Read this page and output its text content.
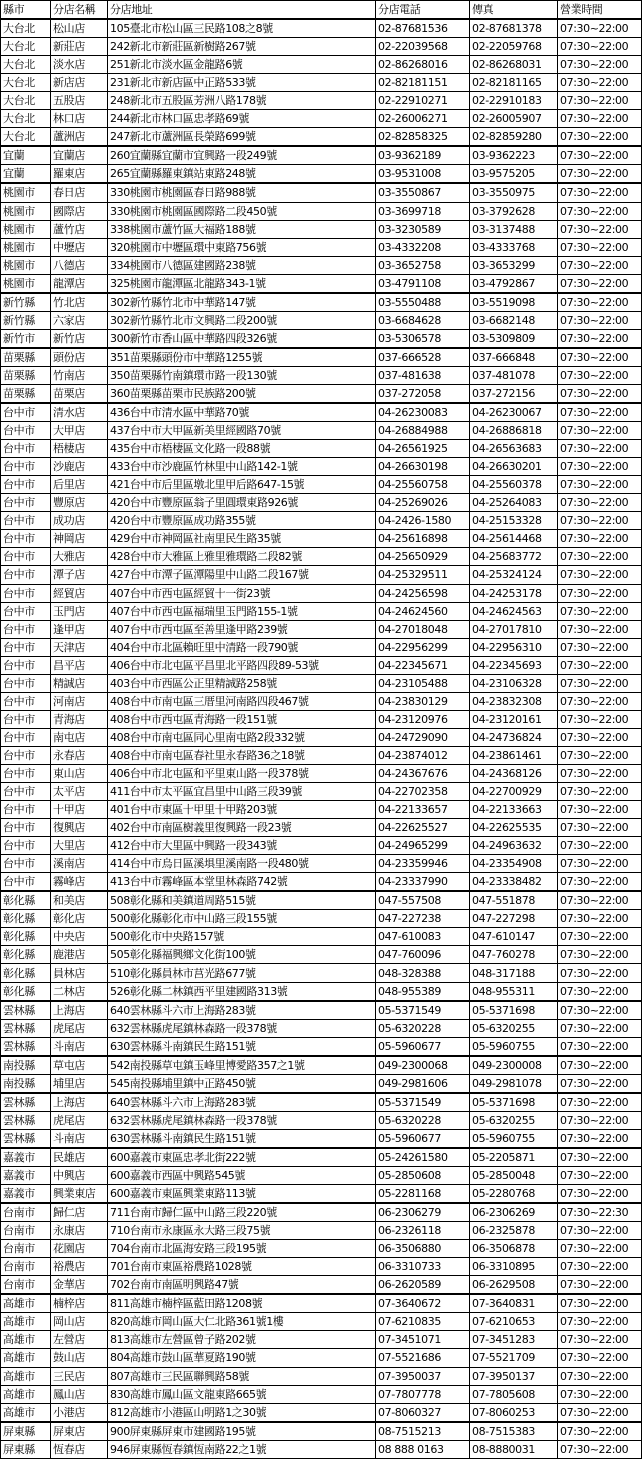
縣市	分店名稱	分店地址	分店電話	傳真	營業時間
大台北	松山店	105臺北市松山區三民路108之8號	02-87681536	02-87681378	07:30~22:00
大台北	新莊店	242新北市新莊區新樹路267號	02-22039568	02-22059768	07:30~22:00
大台北	淡水店	251新北市淡水區金龍路6號	02-86268016	02-86268031	07:30~22:00
大台北	新店店	231新北市新店區中正路533號	02-82181151	02-82181165	07:30~22:00
大台北	五股店	248新北市五股區芳洲八路178號	02-22910271	02-22910183	07:30~22:00
大台北	林口店	244新北市林口區忠孝路69號	02-26006271	02-26005907	07:30~22:00
大台北	蘆洲店	247新北市蘆洲區長榮路699號	02-82858325	02-82859280	07:30~22:00
宜蘭	宜蘭店	260宜蘭縣宜蘭市宜興路一段249號	03-9362189	03-9362223	07:30~22:00
宜蘭	羅東店	265宜蘭縣羅東鎮站東路248號	03-9531008	03-9575205	07:30~22:00
桃園市	春日店	330桃園市桃園區春日路988號	03-3550867	03-3550975	07:30~22:00
桃園市	國際店	330桃園市桃園區國際路二段450號	03-3699718	03-3792628	07:30~22:00
桃園市	蘆竹店	338桃園市蘆竹區大福路188號	03-3230589	03-3137488	07:30~22:00
桃園市	中壢店	320桃園市中壢區環中東路756號	03-4332208	03-4333768	07:30~22:00
桃園市	八德店	334桃園市八德區建國路238號	03-3652758	03-3653299	07:30~22:00
桃園市	龍潭店	325桃園市龍潭區北龍路343-1號	03-4791108	03-4792867	07:30~22:00
新竹縣	竹北店	302新竹縣竹北市中華路147號	03-5550488	03-5519098	07:30~22:00
新竹縣	六家店	302新竹縣竹北市文興路二段200號	03-6684628	03-6682148	07:30~22:00
新竹市	新竹店	300新竹市香山區中華路四段326號	03-5306578	03-5309809	07:30~22:00
苗栗縣	頭份店	351苗栗縣頭份市中華路1255號	037-666528	037-666848	07:30~22:00
苗栗縣	竹南店	350苗栗縣竹南鎮環市路一段130號	037-481638	037-481078	07:30~22:00
苗栗縣	苗栗店	360苗栗縣苗栗市民族路200號	037-272058	037-272156	07:30~22:00
台中市	清水店	436台中市清水區中華路70號	04-26230083	04-26230067	07:30~22:00
台中市	大甲店	437台中市大甲區新美里經國路70號	04-26884988	04-26886818	07:30~22:00
台中市	梧棲店	435台中市梧棲區文化路一段88號	04-26561925	04-26563683	07:30~22:00
台中市	沙鹿店	433台中市沙鹿區竹林里中山路142-1號	04-26630198	04-26630201	07:30~22:00
台中市	后里店	421台中市后里區墩北里甲后路647-15號	04-25560758	04-25560378	07:30~22:00
台中市	豐原店	420台中市豐原區翁子里圓環東路926號	04-25269026	04-25264083	07:30~22:00
台中市	成功店	420台中市豐原區成功路355號	04-2426-1580	04-25153328	07:30~22:00
台中市	神岡店	429台中市神岡區社南里民生路35號	04-25616898	04-25614468	07:30~22:00
台中市	大雅店	428台中市大雅區上雅里雅環路二段82號	04-25650929	04-25683772	07:30~22:00
台中市	潭子店	427台中市潭子區潭陽里中山路二段167號	04-25329511	04-25324124	07:30~22:00
台中市	經貿店	407台中市西屯區經貿十一街23號	04-24256598	04-24253178	07:30~22:00
台中市	玉門店	407台中市西屯區福瑞里玉門路155-1號	04-24624560	04-24624563	07:30~22:00
台中市	逢甲店	407台中市西屯區至善里逢甲路239號	04-27018048	04-27017810	07:30~22:00
台中市	天津店	404台中市北區賴旺里中清路一段790號	04-22956299	04-22956310	07:30~22:00
台中市	昌平店	406台中市北屯區平昌里北平路四段89-53號	04-22345671	04-22345693	07:30~22:00
台中市	精誠店	403台中市西區公正里精誠路258號	04-23105488	04-23106328	07:30~22:00
台中市	河南店	408台中市南屯區三厝里河南路四段467號	04-23830129	04-23832308	07:30~22:00
台中市	青海店	408台中市西屯區青海路一段151號	04-23120976	04-23120161	07:30~22:00
台中市	南屯店	408台中市南屯區同心里南屯路2段332號	04-24729090	04-24736824	07:30~22:00
台中市	永春店	408台中市南屯區春社里永春路36之18號	04-23874012	04-23861461	07:30~22:00
台中市	東山店	406台中市北屯區和平里東山路一段378號	04-24367676	04-24368126	07:30~22:00
台中市	太平店	411台中市太平區宜昌里中山路三段39號	04-22702358	04-22700929	07:30~22:00
台中市	十甲店	401台中市東區十甲里十甲路203號	04-22133657	04-22133663	07:30~22:00
台中市	復興店	402台中市南區樹義里復興路一段23號	04-22625527	04-22625535	07:30~22:00
台中市	大里店	412台中市大里區中興路一段343號	04-24965299	04-24963632	07:30~22:00
台中市	溪南店	414台中市烏日區溪埧里溪南路一段480號	04-23359946	04-23354908	07:30~22:00
台中市	霧峰店	413台中市霧峰區本堂里林森路742號	04-23337990	04-23338482	07:30~22:00
彰化縣	和美店	508彰化縣和美鎮道周路515號	047-557508	047-551878	07:30~22:00
彰化縣	彰化店	500彰化縣彰化市中山路三段155號	047-227238	047-227298	07:30~22:00
彰化縣	中央店	500彰化市中央路157號	047-610083	047-610147	07:30~22:00
彰化縣	鹿港店	505彰化縣福興鄉文化街100號	047-760096	047-760278	07:30~22:00
彰化縣	員林店	510彰化縣員林市莒光路677號	048-328388	048-317188	07:30~22:00
彰化縣	二林店	526彰化縣二林鎮西平里建國路313號	048-955389	048-955311	07:30~22:00
雲林縣	上海店	640雲林縣斗六市上海路283號	05-5371549	05-5371698	07:30~22:00
雲林縣	虎尾店	632雲林縣虎尾鎮林森路一段378號	05-6320228	05-6320255	07:30~22:00
雲林縣	斗南店	630雲林縣斗南鎮民生路151號	05-5960677	05-5960755	07:30~22:00
南投縣	草屯店	542南投縣草屯鎮玉峰里博愛路357之1號	049-2300068	049-2300008	07:30~22:00
南投縣	埔里店	545南投縣埔里鎮中正路450號	049-2981606	049-2981078	07:30~22:00
雲林縣	上海店	640雲林縣斗六市上海路283號	05-5371549	05-5371698	07:30~22:00
雲林縣	虎尾店	632雲林縣虎尾鎮林森路一段378號	05-6320228	05-6320255	07:30~22:00
雲林縣	斗南店	630雲林縣斗南鎮民生路151號	05-5960677	05-5960755	07:30~22:00
嘉義市	民雄店	600嘉義市東區忠孝北街222號	05-24261580	05-2205871	07:30~22:00
嘉義市	中興店	600嘉義市西區中興路545號	05-2850608	05-2850048	07:30~22:00
嘉義市	興業東店	600嘉義市東區興業東路113號	05-2281168	05-2280768	07:30~22:00
台南市	歸仁店	711台南市歸仁區中山路三段220號	06-2306279	06-2306269	07:30~22:30
台南市	永康店	710台南市永康區永大路三段75號	06-2326118	06-2325878	07:30~22:00
台南市	花園店	704台南市北區海安路三段195號	06-3506880	06-3506878	07:30~22:00
台南市	裕農店	701台南市東區裕農路1028號	06-3310733	06-3310895	07:30~22:00
台南市	金華店	702台南市南區明興路47號	06-2620589	06-2629508	07:30~22:00
高雄市	楠梓店	811高雄市楠梓區藍田路1208號	07-3640672	07-3640831	07:30~22:00
高雄市	岡山店	820高雄市岡山區大仁北路361號1樓	07-6210835	07-6210653	07:30~22:00
高雄市	左營店	813高雄市左營區曾子路202號	07-3451071	07-3451283	07:30~22:00
高雄市	鼓山店	804高雄市鼓山區華夏路190號	07-5521686	07-5521709	07:30~22:00
高雄市	三民店	807高雄市三民區聯興路58號	07-3950037	07-3950137	07:30~22:00
高雄市	鳳山店	830高雄市鳳山區文龍東路665號	07-7807778	07-7805608	07:30~22:00
高雄市	小港店	812高雄市小港區山明路1之30號	07-8060327	07-8060253	07:30~22:00
屏東縣	屏東店	900屏東縣屏東市建國路195號	08-7515213	08-7515383	07:30~22:00
屏東縣	恆春店	946屏東縣恆春鎮恆南路22之1號	08 888 0163	08-8880031	07:30~22:00
